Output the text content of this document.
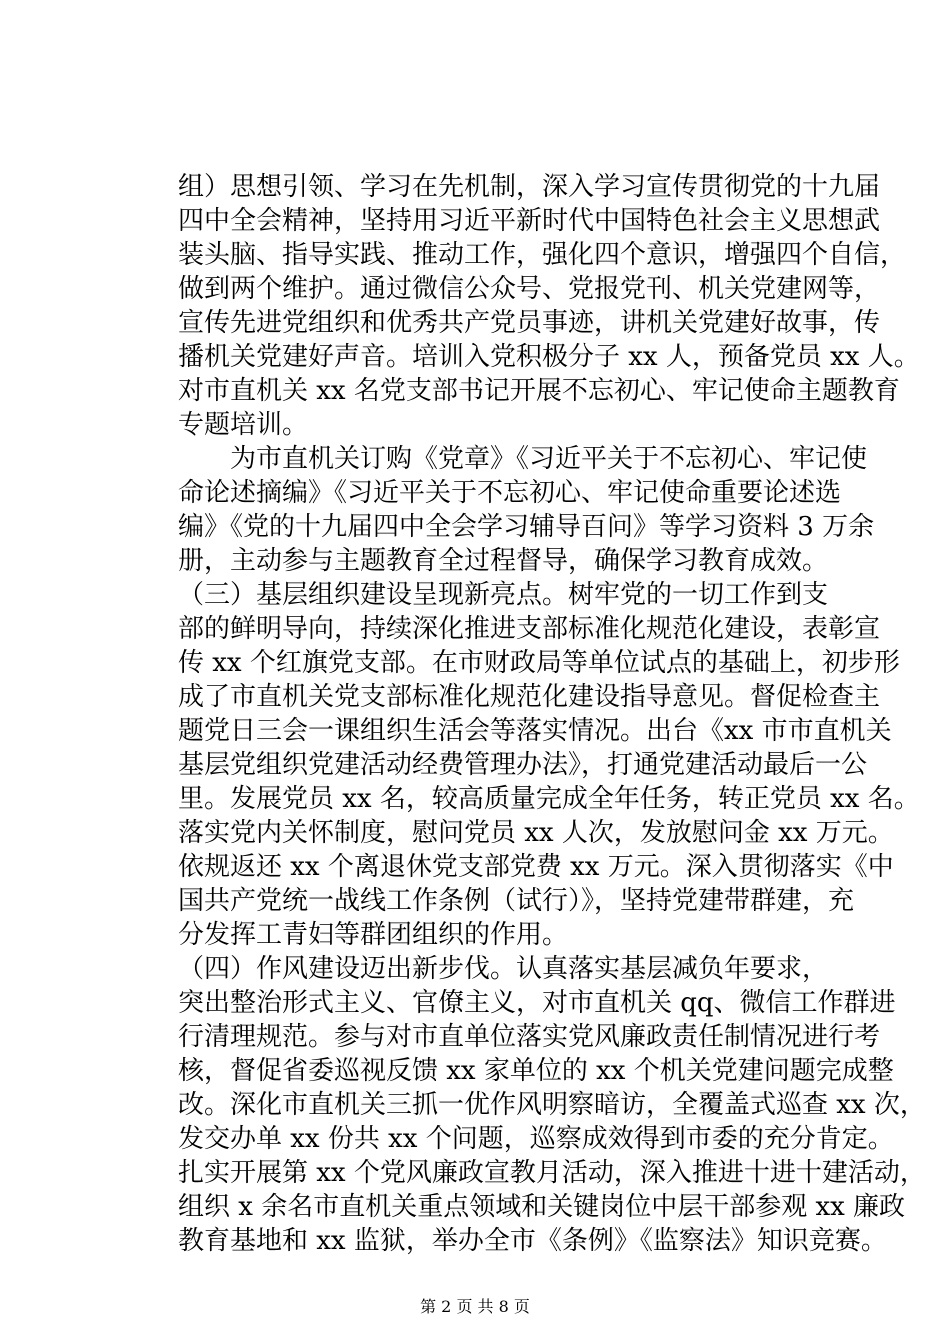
组）思想引领、学习在先机制，深入学习宣传贯彻党的十九届
四中全会精神，坚持用习近平新时代中国特色社会主义思想武
装头脑、指导实践、推动工作，强化四个意识，增强四个自信，
做到两个维护。通过微信公众号、党报党刊、机关党建网等，
宣传先进党组织和优秀共产党员事迹，讲机关党建好故事，传
播机关党建好声音。培训入党积极分子 xx 人，预备党员 xx 人。
对市直机关 xx 名党支部书记开展不忘初心、牢记使命主题教育
专题培训。
为市直机关订购《党章》《习近平关于不忘初心、牢记使
命论述摘编》《习近平关于不忘初心、牢记使命重要论述选
编》《党的十九届四中全会学习辅导百问》等学习资料 3 万余
册，主动参与主题教育全过程督导，确保学习教育成效。
（三）基层组织建设呈现新亮点。树牢党的一切工作到支
部的鲜明导向，持续深化推进支部标准化规范化建设，表彰宣
传 xx 个红旗党支部。在市财政局等单位试点的基础上，初步形
成了市直机关党支部标准化规范化建设指导意见。督促检查主
题党日三会一课组织生活会等落实情况。出台《xx 市市直机关
基层党组织党建活动经费管理办法》，打通党建活动最后一公
里。发展党员 xx 名，较高质量完成全年任务，转正党员 xx 名。
落实党内关怀制度，慰问党员 xx 人次，发放慰问金 xx 万元。
依规返还 xx 个离退休党支部党费 xx 万元。深入贯彻落实《中
国共产党统一战线工作条例（试行）》，坚持党建带群建，充
分发挥工青妇等群团组织的作用。
（四）作风建设迈出新步伐。认真落实基层减负年要求，
突出整治形式主义、官僚主义，对市直机关 qq、微信工作群进
行清理规范。参与对市直单位落实党风廉政责任制情况进行考
核，督促省委巡视反馈 xx 家单位的 xx 个机关党建问题完成整
改。深化市直机关三抓一优作风明察暗访，全覆盖式巡查 xx 次，
发交办单 xx 份共 xx 个问题，巡察成效得到市委的充分肯定。
扎实开展第 xx 个党风廉政宣教月活动，深入推进十进十建活动，
组织 x 余名市直机关重点领域和关键岗位中层干部参观 xx 廉政
教育基地和 xx 监狱，举办全市《条例》《监察法》知识竞赛。
第 2 页 共 8 页
